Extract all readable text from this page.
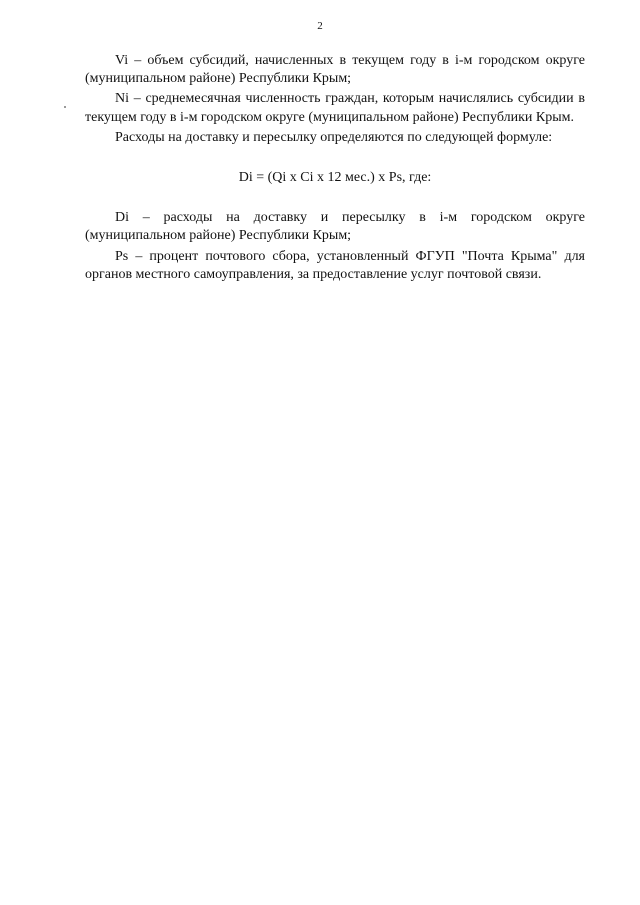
2

Vi – объем субсидий, начисленных в текущем году в i-м городском округе (муниципальном районе) Республики Крым;

Ni – среднемесячная численность граждан, которым начислялись субсидии в текущем году в i-м городском округе (муниципальном районе) Республики Крым.

Расходы на доставку и пересылку определяются по следующей формуле:

Di = (Qi x Ci x 12 мес.) x Ps, где:

Di – расходы на доставку и пересылку в i-м городском округе (муниципальном районе) Республики Крым;

Ps – процент почтового сбора, установленный ФГУП "Почта Крыма" для органов местного самоуправления, за предоставление услуг почтовой связи.
